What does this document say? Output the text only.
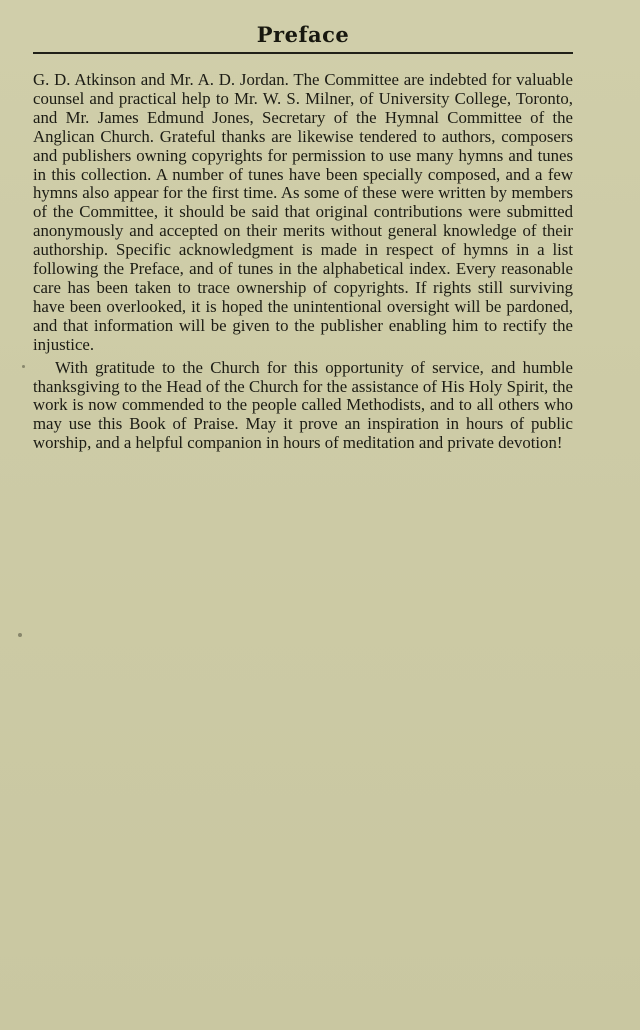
Preface

G. D. Atkinson and Mr. A. D. Jordan. The Committee are indebted for valuable counsel and practical help to Mr. W. S. Milner, of University College, Toronto, and Mr. James Edmund Jones, Secretary of the Hymnal Committee of the Anglican Church. Grateful thanks are likewise tendered to authors, composers and publishers owning copyrights for permission to use many hymns and tunes in this collection. A number of tunes have been specially composed, and a few hymns also appear for the first time. As some of these were written by members of the Committee, it should be said that original contributions were submitted anonymously and accepted on their merits without general knowledge of their authorship. Specific acknowledgment is made in respect of hymns in a list following the Preface, and of tunes in the alphabetical index. Every reasonable care has been taken to trace ownership of copyrights. If rights still surviving have been overlooked, it is hoped the unintentional oversight will be pardoned, and that information will be given to the publisher enabling him to rectify the injustice.

With gratitude to the Church for this opportunity of service, and humble thanksgiving to the Head of the Church for the assistance of His Holy Spirit, the work is now commended to the people called Methodists, and to all others who may use this Book of Praise. May it prove an inspiration in hours of public worship, and a helpful companion in hours of meditation and private devotion!
